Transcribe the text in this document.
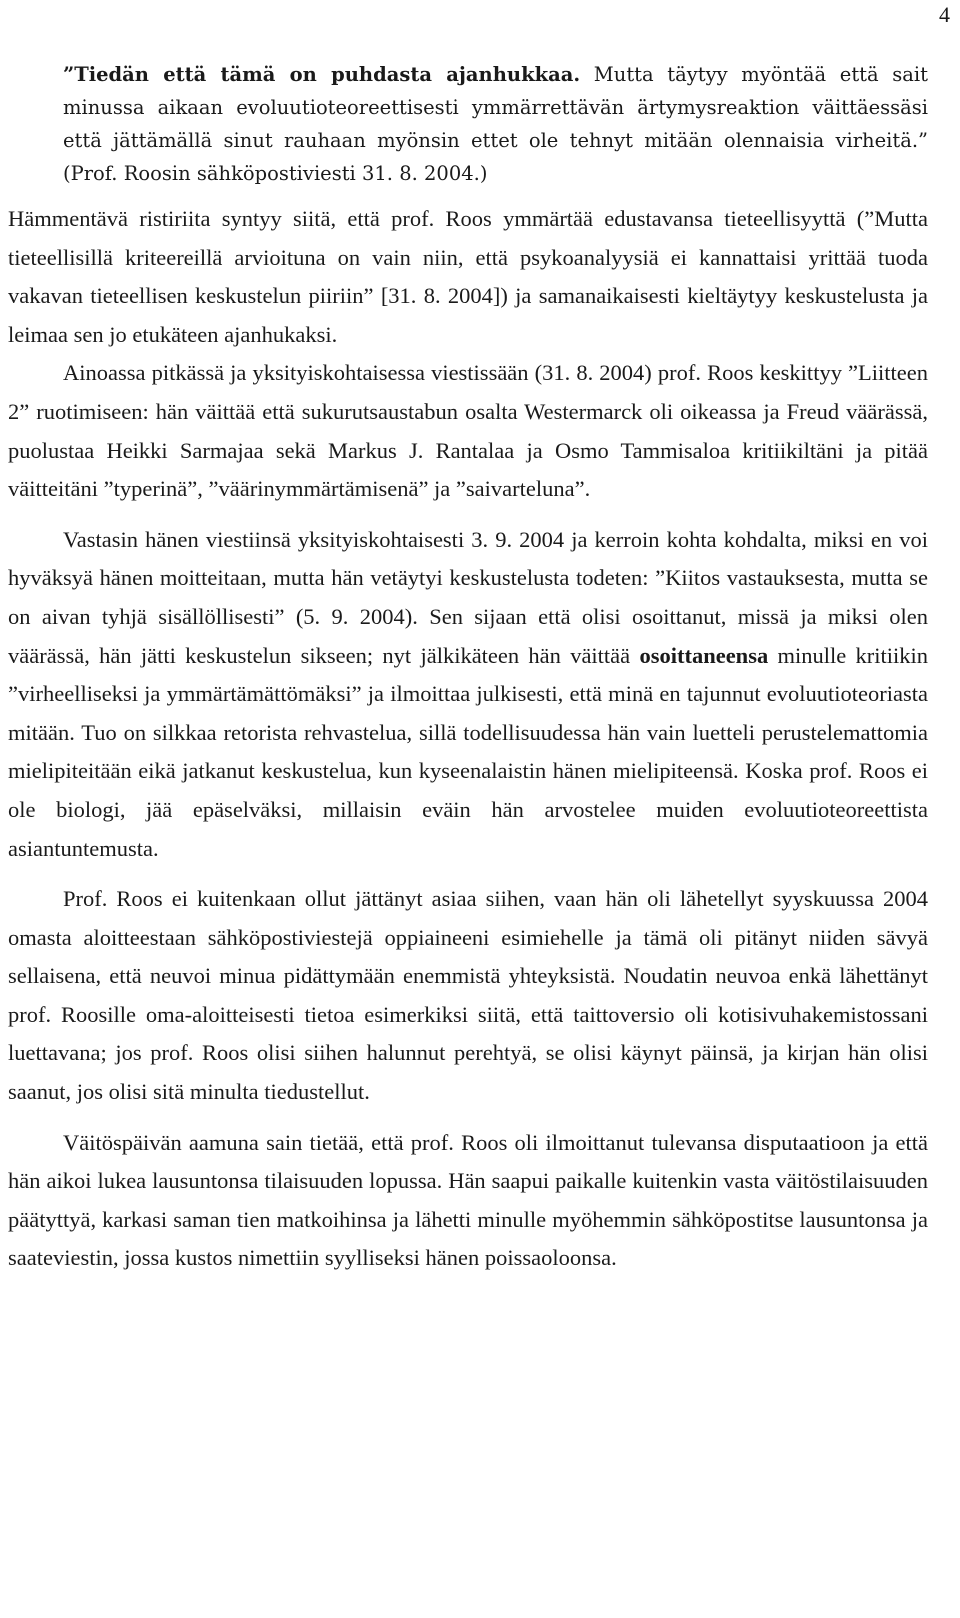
4

”Tiedän että tämä on puhdasta ajanhukkaa. Mutta täytyy myöntää että sait minussa aikaan evoluutioteoreettisesti ymmärrettävän ärtymysreaktion väittäessäsi että jättämällä sinut rauhaan myönsin ettet ole tehnyt mitään olennaisia virheitä.” (Prof. Roosin sähköpostiviesti 31. 8. 2004.)

Hämmentävä ristiriita syntyy siitä, että prof. Roos ymmärtää edustavansa tieteellisyyttä (”Mutta tieteellisillä kriteereillä arvioituna on vain niin, että psykoanalyysiä ei kannattaisi yrittää tuoda vakavan tieteellisen keskustelun piiriin” [31. 8. 2004]) ja samanaikaisesti kieltäytyy keskustelusta ja leimaa sen jo etukäteen ajanhukaksi.

Ainoassa pitkässä ja yksityiskohtaisessa viestissään (31. 8. 2004) prof. Roos keskittyy ”Liitteen 2” ruotimiseen: hän väittää että sukurutsaustabun osalta Westermarck oli oikeassa ja Freud väärässä, puolustaa Heikki Sarmajaa sekä Markus J. Rantalaa ja Osmo Tammisaloa kritiikiltäni ja pitää väitteitäni ”typerinä”, ”väärinymmärtämisenä” ja ”saivarteluna”.

Vastasin hänen viestiinsä yksityiskohtaisesti 3. 9. 2004 ja kerroin kohta kohdalta, miksi en voi hyväksyä hänen moitteitaan, mutta hän vetäytyi keskustelusta todeten: ”Kiitos vastauksesta, mutta se on aivan tyhjä sisällöllisesti” (5. 9. 2004). Sen sijaan että olisi osoittanut, missä ja miksi olen väärässä, hän jätti keskustelun sikseen; nyt jälkikäteen hän väittää osoittaneensa minulle kritiikin ”virheelliseksi ja ymmärtämättömäksi” ja ilmoittaa julkisesti, että minä en tajunnut evoluutioteoriasta mitään. Tuo on silkkaa retorista rehvastelua, sillä todellisuudessa hän vain luetteli perustelemattomia mielipiteitään eikä jatkanut keskustelua, kun kyseenalaistin hänen mielipiteensä. Koska prof. Roos ei ole biologi, jää epäselväksi, millaisin eväin hän arvostelee muiden evoluutioteoreettista asiantuntemusta.

Prof. Roos ei kuitenkaan ollut jättänyt asiaa siihen, vaan hän oli lähetellyt syyskuussa 2004 omasta aloitteestaan sähköpostiviestejä oppiaineeni esimiehelle ja tämä oli pitänyt niiden sävyä sellaisena, että neuvoi minua pidättymään enemmistä yhteyksistä. Noudatin neuvoa enkä lähettänyt prof. Roosille oma-aloitteisesti tietoa esimerkiksi siitä, että taittoversio oli kotisivuhakemistossani luettavana; jos prof. Roos olisi siihen halunnut perehtyä, se olisi käynyt päinsä, ja kirjan hän olisi saanut, jos olisi sitä minulta tiedustellut.

Väitöspäivän aamuna sain tietää, että prof. Roos oli ilmoittanut tulevansa disputaatioon ja että hän aikoi lukea lausuntonsa tilaisuuden lopussa. Hän saapui paikalle kuitenkin vasta väitöstilaisuuden päätyttyä, karkasi saman tien matkoihinsa ja lähetti minulle myöhemmin sähköpostitse lausuntonsa ja saateviestin, jossa kustos nimettiin syylliseksi hänen poissaoloonsa.
